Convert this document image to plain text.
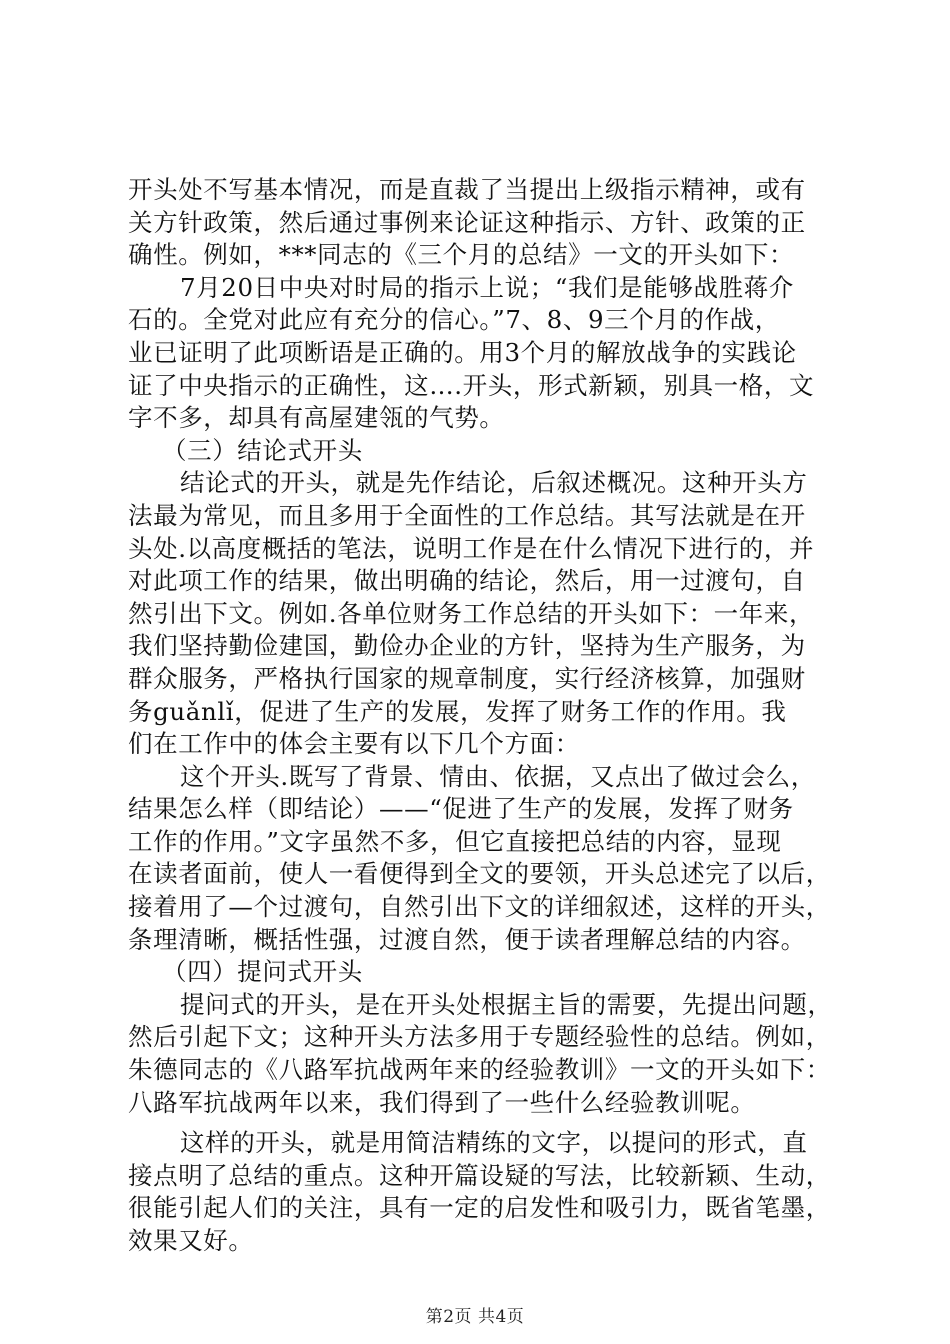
开头处不写基本情况，而是直裁了当提出上级指示精神，或有
关方针政策，然后通过事例来论证这种指示、方针、政策的正
确性。例如，***同志的《三个月的总结》一文的开头如下：
7月20日中央对时局的指示上说；“我们是能够战胜蒋介
石的。全党对此应有充分的信心。”7、8、9三个月的作战，
业已证明了此项断语是正确的。用3个月的解放战争的实践论
证了中央指示的正确性，这….开头，形式新颖，别具一格，文
字不多，却具有高屋建瓴的气势。
（三）结论式开头
结论式的开头，就是先作结论，后叙述概况。这种开头方
法最为常见，而且多用于全面性的工作总结。其写法就是在开
头处.以高度概括的笔法，说明工作是在什么情况下进行的，并
对此项工作的结果，做出明确的结论，然后，用一过渡句，自
然引出下文。例如.各单位财务工作总结的开头如下：一年来，
我们坚持勤俭建国，勤俭办企业的方针，坚持为生产服务，为
群众服务，严格执行国家的规章制度，实行经济核算，加强财
务guǎnlǐ，促进了生产的发展，发挥了财务工作的作用。我
们在工作中的体会主要有以下几个方面：
这个开头.既写了背景、情由、依据，又点出了做过会么，
结果怎么样（即结论）——“促进了生产的发展，发挥了财务
工作的作用。”文字虽然不多，但它直接把总结的内容，显现
在读者面前，使人一看便得到全文的要领，开头总述完了以后，
接着用了—个过渡句，自然引出下文的详细叙述，这样的开头，
条理清晰，概括性强，过渡自然，便于读者理解总结的内容。
（四）提问式开头
提问式的开头，是在开头处根据主旨的需要，先提出问题，
然后引起下文；这种开头方法多用于专题经验性的总结。例如，
朱德同志的《八路军抗战两年来的经验教训》一文的开头如下：
八路军抗战两年以来，我们得到了一些什么经验教训呢。
这样的开头，就是用简洁精练的文字，以提问的形式，直
接点明了总结的重点。这种开篇设疑的写法，比较新颖、生动，
很能引起人们的关注，具有一定的启发性和吸引力，既省笔墨，
效果又好。
第2页 共4页
